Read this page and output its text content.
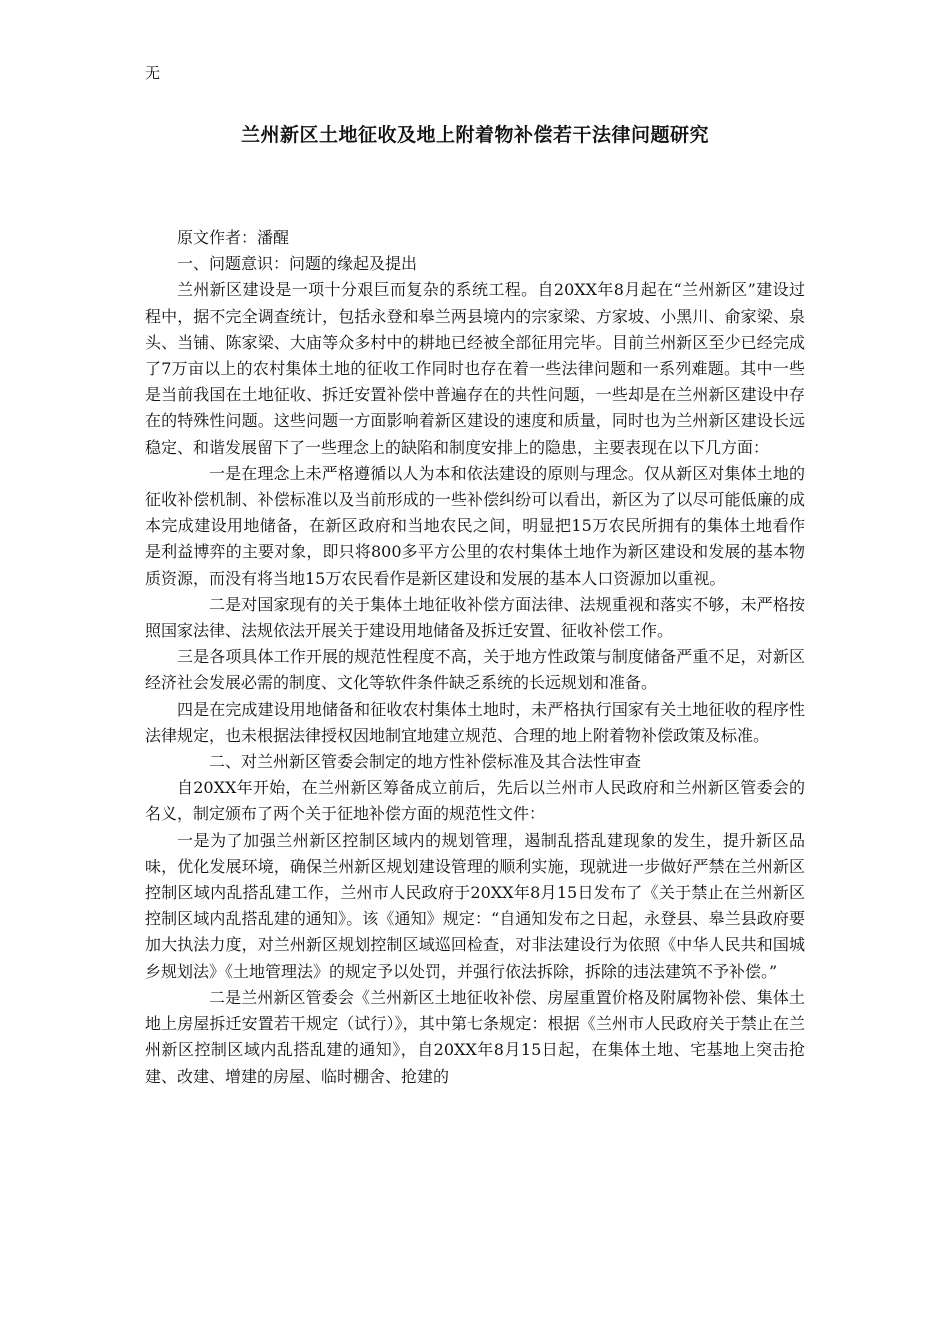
无
兰州新区土地征收及地上附着物补偿若干法律问题研究

原文作者：潘醒

一、问题意识：问题的缘起及提出

兰州新区建设是一项十分艰巨而复杂的系统工程。自20XX年8月起在“兰州新区”建设过程中，据不完全调查统计，包括永登和皋兰两县境内的宗家梁、方家坡、小黑川、俞家梁、泉头、当铺、陈家梁、大庙等众多村中的耕地已经被全部征用完毕。目前兰州新区至少已经完成了7万亩以上的农村集体土地的征收工作同时也存在着一些法律问题和一系列难题。其中一些是当前我国在土地征收、拆迁安置补偿中普遍存在的共性问题，一些却是在兰州新区建设中存在的特殊性问题。这些问题一方面影响着新区建设的速度和质量，同时也为兰州新区建设长远稳定、和谐发展留下了一些理念上的缺陷和制度安排上的隐患，主要表现在以下几方面：

一是在理念上未严格遵循以人为本和依法建设的原则与理念。仅从新区对集体土地的征收补偿机制、补偿标准以及当前形成的一些补偿纠纷可以看出，新区为了以尽可能低廉的成本完成建设用地储备，在新区政府和当地农民之间，明显把15万农民所拥有的集体土地看作是利益博弈的主要对象，即只将800多平方公里的农村集体土地作为新区建设和发展的基本物质资源，而没有将当地15万农民看作是新区建设和发展的基本人口资源加以重视。

二是对国家现有的关于集体土地征收补偿方面法律、法规重视和落实不够，未严格按照国家法律、法规依法开展关于建设用地储备及拆迁安置、征收补偿工作。

三是各项具体工作开展的规范性程度不高，关于地方性政策与制度储备严重不足，对新区经济社会发展必需的制度、文化等软件条件缺乏系统的长远规划和准备。

四是在完成建设用地储备和征收农村集体土地时，未严格执行国家有关土地征收的程序性法律规定，也未根据法律授权因地制宜地建立规范、合理的地上附着物补偿政策及标准。

二、对兰州新区管委会制定的地方性补偿标准及其合法性审查

自20XX年开始，在兰州新区筹备成立前后，先后以兰州市人民政府和兰州新区管委会的名义，制定颁布了两个关于征地补偿方面的规范性文件：

一是为了加强兰州新区控制区域内的规划管理，遏制乱搭乱建现象的发生，提升新区品味，优化发展环境，确保兰州新区规划建设管理的顺利实施，现就进一步做好严禁在兰州新区控制区域内乱搭乱建工作，兰州市人民政府于20XX年8月15日发布了《关于禁止在兰州新区控制区域内乱搭乱建的通知》。该《通知》规定：“自通知发布之日起，永登县、皋兰县政府要加大执法力度，对兰州新区规划控制区域巡回检查，对非法建设行为依照《中华人民共和国城乡规划法》《土地管理法》的规定予以处罚，并强行依法拆除，拆除的违法建筑不予补偿。”

二是兰州新区管委会《兰州新区土地征收补偿、房屋重置价格及附属物补偿、集体土地上房屋拆迁安置若干规定（试行）》，其中第七条规定：根据《兰州市人民政府关于禁止在兰州新区控制区域内乱搭乱建的通知》，自20XX年8月15日起，在集体土地、宅基地上突击抢建、改建、增建的房屋、临时棚舍、抢建的
